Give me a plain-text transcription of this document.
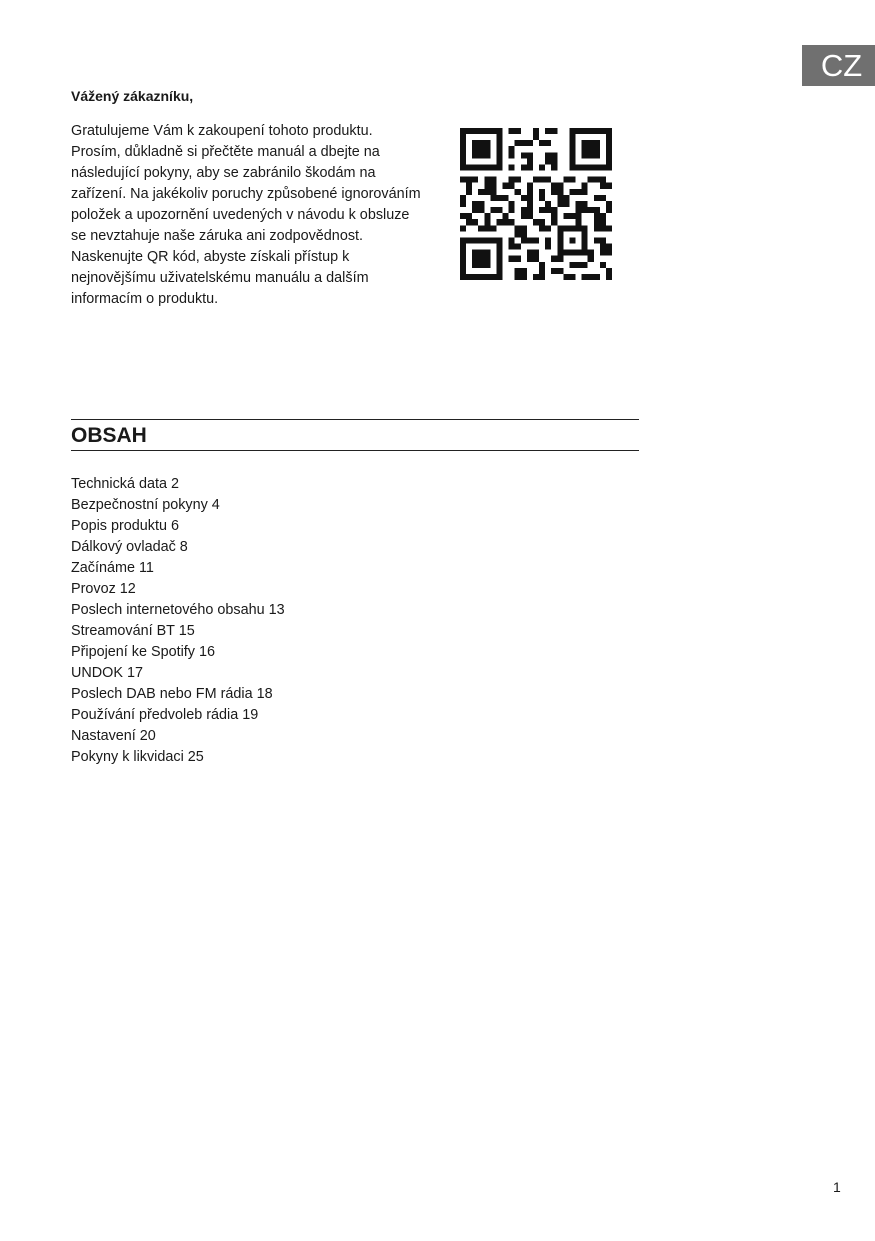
CZ

Vážený zákazníku,

Gratulujeme Vám k zakoupení tohoto produktu. Prosím, důkladně si přečtěte manuál a dbejte na následující pokyny, aby se zabránilo škodám na zařízení. Na jakékoliv poruchy způsobené ignorováním položek a upozornění uvedených v návodu k obsluze se nevztahuje naše záruka ani zodpovědnost. Naskenujte QR kód, abyste získali přístup k nejnovějšímu uživatelskému manuálu a dalším informacím o produktu.

OBSAH
Technická data 2
Bezpečnostní pokyny 4
Popis produktu 6
Dálkový ovladač 8
Začínáme 11
Provoz 12
Poslech internetového obsahu 13
Streamování BT 15
Připojení ke Spotify 16
UNDOK 17
Poslech DAB nebo FM rádia 18
Používání předvoleb rádia 19
Nastavení 20
Pokyny k likvidaci 25
1
